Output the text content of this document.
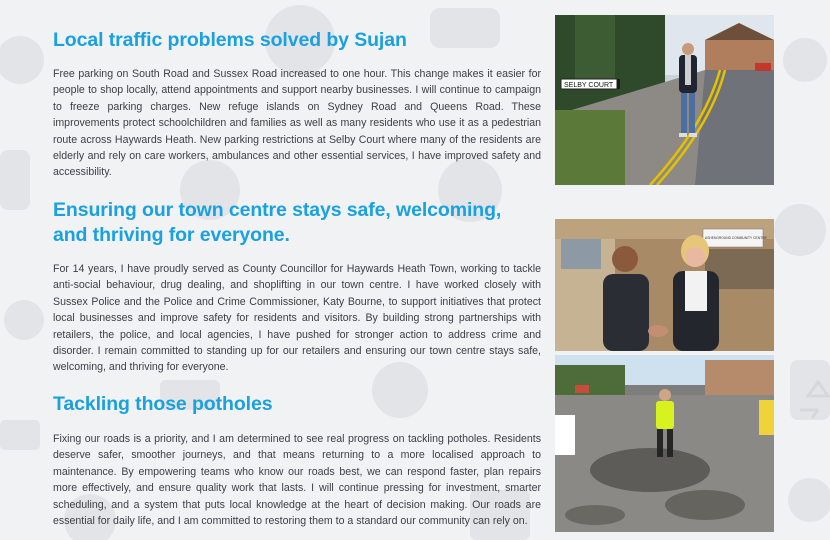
Local traffic problems solved by Sujan

Free parking on South Road and Sussex Road increased to one hour. This change makes it easier for people to shop locally, attend appointments and support nearby businesses. I will continue to campaign to freeze parking charges. New refuge islands on Sydney Road and Queens Road. These improvements protect schoolchildren and families as well as many residents who use it as a pedestrian route across Haywards Heath. New parking restrictions at Selby Court where many of the residents are elderly and rely on care workers, ambulances and other essential services, I have improved safety and accessibility.

Ensuring our town centre stays safe, welcoming, and thriving for everyone.

For 14 years, I have proudly served as County Councillor for Haywards Heath Town, working to tackle anti-social behaviour, drug dealing, and shoplifting in our town centre. I have worked closely with Sussex Police and the Police and Crime Commissioner, Katy Bourne, to support initiatives that protect local businesses and improve safety for residents and visitors. By building strong partnerships with retailers, the police, and local agencies, I have pushed for stronger action to address crime and disorder. I remain committed to standing up for our retailers and ensuring our town centre stays safe, welcoming, and thriving for everyone.

Tackling those potholes

Fixing our roads is a priority, and I am determined to see real progress on tackling potholes. Residents deserve safer, smoother journeys, and that means returning to a more localised approach to maintenance. By empowering teams who know our roads best, we can respond faster, plan repairs more effectively, and ensure quality work that lasts. I will continue pressing for investment, smarter scheduling, and a system that puts local knowledge at the heart of decision making. Our roads are essential for daily life, and I am committed to restoring them to a standard our community can rely on.

SELBY COURT
ASHENGROUND COMMUNITY CENTRE
